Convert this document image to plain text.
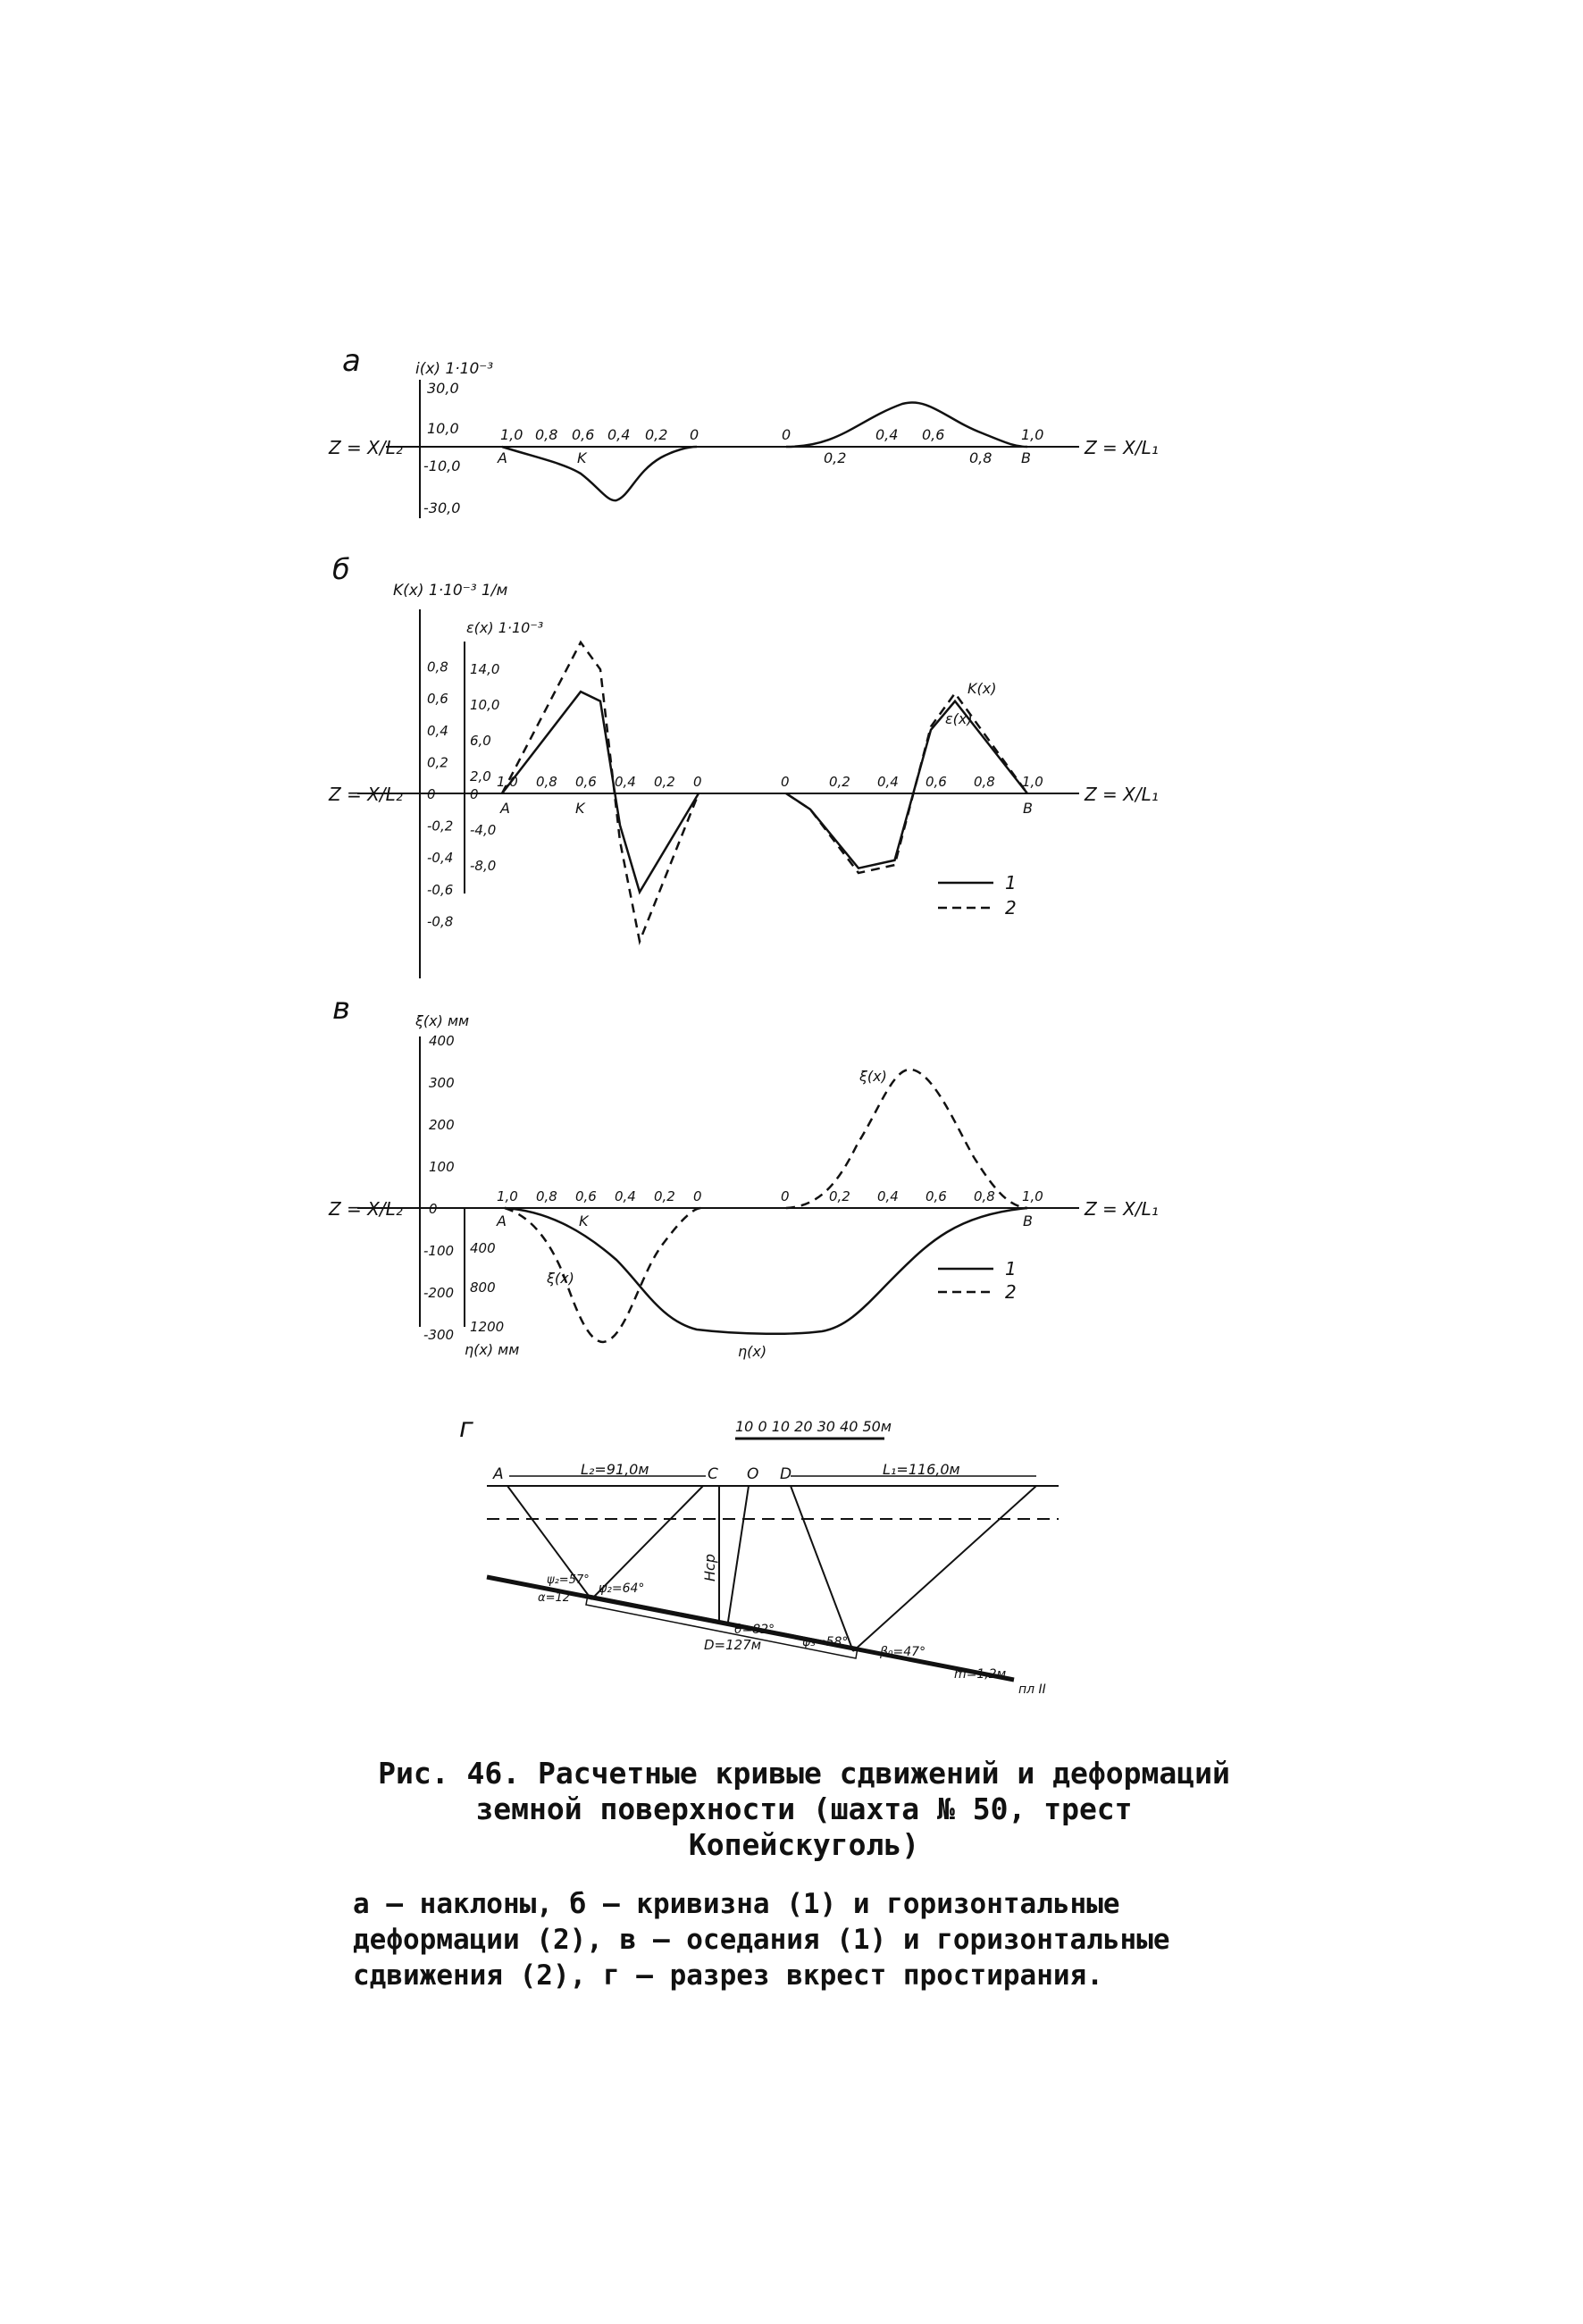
a	i(x) 1·10⁻³
30,0
10,0
-10,0
-30,0
Z = X/L₂	Z = X/L₁
1,0 0,8 0,6 0,4 0,2 0	0	0,4 0,6	1,0
0,2	0,8
A	K	B
б
K(x) 1·10⁻³ 1/м
ε(x) 1·10⁻³
Z = X/L₂	Z = X/L₁
0,8
0,6
0,4
0,2
0
-0,2
-0,4
-0,6
-0,8
14,0
10,0
6,0
2,0
0
-4,0
-8,0
1,0 0,8 0,6 0,4 0,2 0	0	0,2 0,4 0,6 0,8 1,0
A	K	B
K(x)
ε(x)
1
2
в	ξ(x) мм
Z = X/L₂	Z = X/L₁
400
300
200
100
0
-100
-200
-300
400
800
1200
1,0 0,8 0,6 0,4 0,2 0	0	0,2 0,4 0,6 0,8 1,0
η(x) мм
A	K	B
ξ(x)
ξ(x)
η(x)
1
2
г	10 0 10 20 30 40 50м
A	C O D
L₂=91,0м	L₁=116,0м
Hср
ψ₂=57°
α=12°
ψ₂=64°
θ=82°
D=127м	ψ₃=58°
β₀=47°
m=1,2м
пл II
Рис. 46. Расчетные кривые сдвижений и деформаций земной поверхности (шахта № 50, трест Копейскуголь)
а – наклоны, б – кривизна (1) и горизонтальные деформации (2), в – оседания (1) и горизонтальные сдвижения (2), г – разрез вкрест простирания.
